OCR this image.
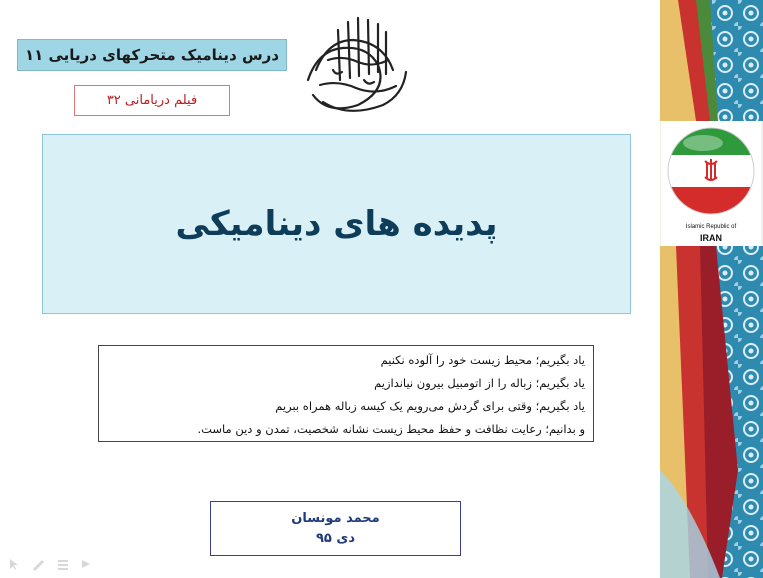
درس دینامیک متحرکهای دریایی ۱۱
فیلم دریامانی ۳۲
پدیده های دینامیکی
یاد بگیریم؛ محیط زیست خود را آلوده نکنیم
یاد بگیریم؛ زباله را از اتومبیل بیرون نیاندازیم
یاد بگیریم؛ وقتی برای گردش می‌رویم یک کیسه زباله همراه ببریم
و بدانیم؛ رعایت نظافت و حفظ محیط زیست نشانه شخصیت، تمدن و دین ماست.
محمد مونسان
دی ۹۵
Islamic Republic of
IRAN
